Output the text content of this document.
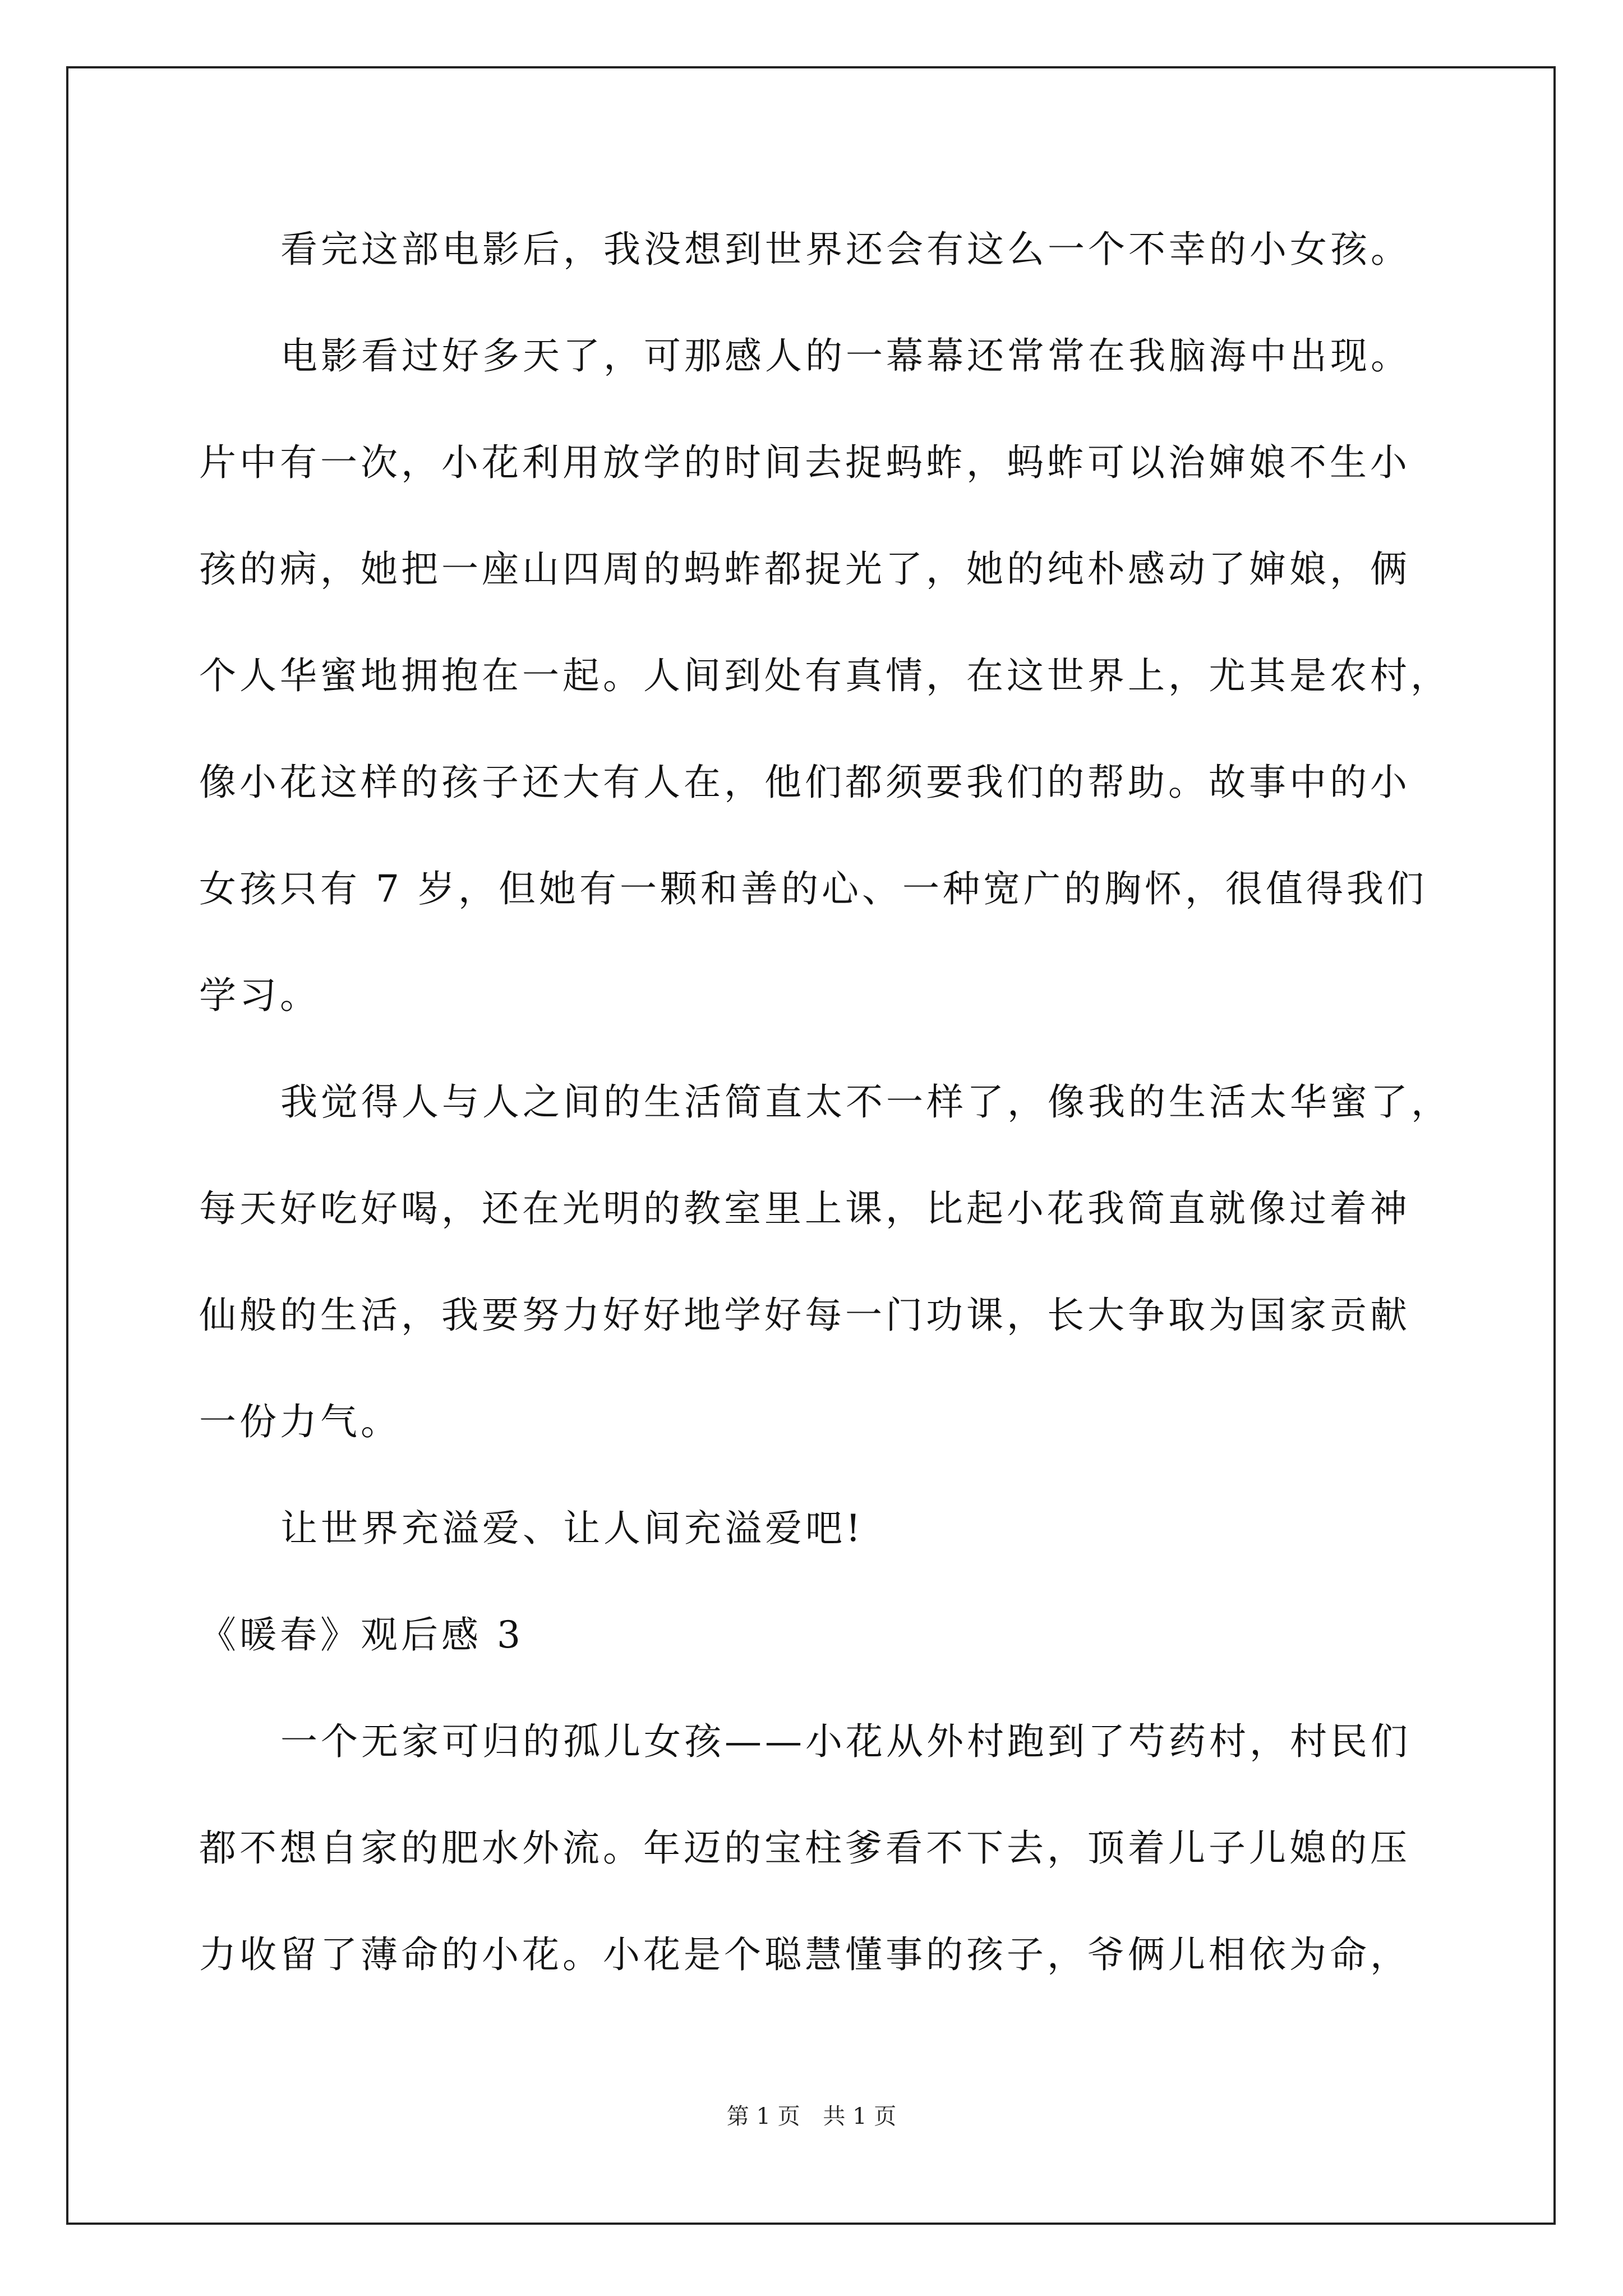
看完这部电影后，我没想到世界还会有这么一个不幸的小女孩。
电影看过好多天了，可那感人的一幕幕还常常在我脑海中出现。
片中有一次，小花利用放学的时间去捉蚂蚱，蚂蚱可以治婶娘不生小
孩的病，她把一座山四周的蚂蚱都捉光了，她的纯朴感动了婶娘，俩
个人华蜜地拥抱在一起。人间到处有真情，在这世界上，尤其是农村，
像小花这样的孩子还大有人在，他们都须要我们的帮助。故事中的小
女孩只有 7 岁，但她有一颗和善的心、一种宽广的胸怀，很值得我们
学习。
我觉得人与人之间的生活简直太不一样了，像我的生活太华蜜了，
每天好吃好喝，还在光明的教室里上课，比起小花我简直就像过着神
仙般的生活，我要努力好好地学好每一门功课，长大争取为国家贡献
一份力气。
让世界充溢爱、让人间充溢爱吧!
《暖春》观后感 3
一个无家可归的孤儿女孩——小花从外村跑到了芍药村，村民们
都不想自家的肥水外流。年迈的宝柱爹看不下去，顶着儿子儿媳的压
力收留了薄命的小花。小花是个聪慧懂事的孩子，爷俩儿相依为命，
第 1 页 共 1 页
